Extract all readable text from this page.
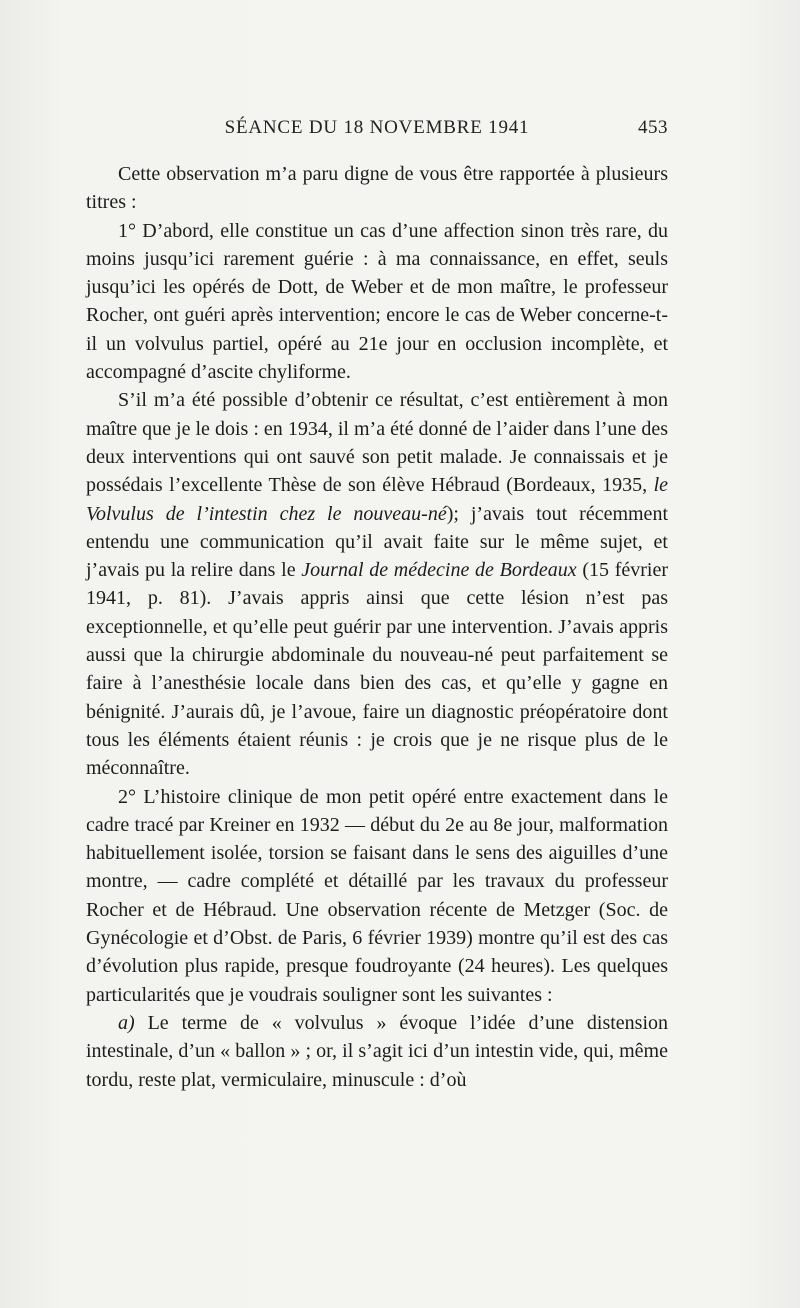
SÉANCE DU 18 NOVEMBRE 1941	453

Cette observation m’a paru digne de vous être rapportée à plusieurs titres :

1° D’abord, elle constitue un cas d’une affection sinon très rare, du moins jusqu’ici rarement guérie : à ma connaissance, en effet, seuls jusqu’ici les opérés de Dott, de Weber et de mon maître, le professeur Rocher, ont guéri après intervention; encore le cas de Weber concerne-t-il un volvulus partiel, opéré au 21e jour en occlusion incomplète, et accompagné d’ascite chyliforme.

S’il m’a été possible d’obtenir ce résultat, c’est entièrement à mon maître que je le dois : en 1934, il m’a été donné de l’aider dans l’une des deux interventions qui ont sauvé son petit malade. Je connaissais et je possédais l’excellente Thèse de son élève Hébraud (Bordeaux, 1935, le Volvulus de l’intestin chez le nouveau-né); j’avais tout récemment entendu une communication qu’il avait faite sur le même sujet, et j’avais pu la relire dans le Journal de médecine de Bordeaux (15 février 1941, p. 81). J’avais appris ainsi que cette lésion n’est pas exceptionnelle, et qu’elle peut guérir par une intervention. J’avais appris aussi que la chirurgie abdominale du nouveau-né peut parfaitement se faire à l’anesthésie locale dans bien des cas, et qu’elle y gagne en bénignité. J’aurais dû, je l’avoue, faire un diagnostic préopératoire dont tous les éléments étaient réunis : je crois que je ne risque plus de le méconnaître.

2° L’histoire clinique de mon petit opéré entre exactement dans le cadre tracé par Kreiner en 1932 — début du 2e au 8e jour, malformation habituellement isolée, torsion se faisant dans le sens des aiguilles d’une montre, — cadre complété et détaillé par les travaux du professeur Rocher et de Hébraud. Une observation récente de Metzger (Soc. de Gynécologie et d’Obst. de Paris, 6 février 1939) montre qu’il est des cas d’évolution plus rapide, presque foudroyante (24 heures). Les quelques particularités que je voudrais souligner sont les suivantes :

a) Le terme de « volvulus » évoque l’idée d’une distension intestinale, d’un « ballon » ; or, il s’agit ici d’un intestin vide, qui, même tordu, reste plat, vermiculaire, minuscule : d’où
